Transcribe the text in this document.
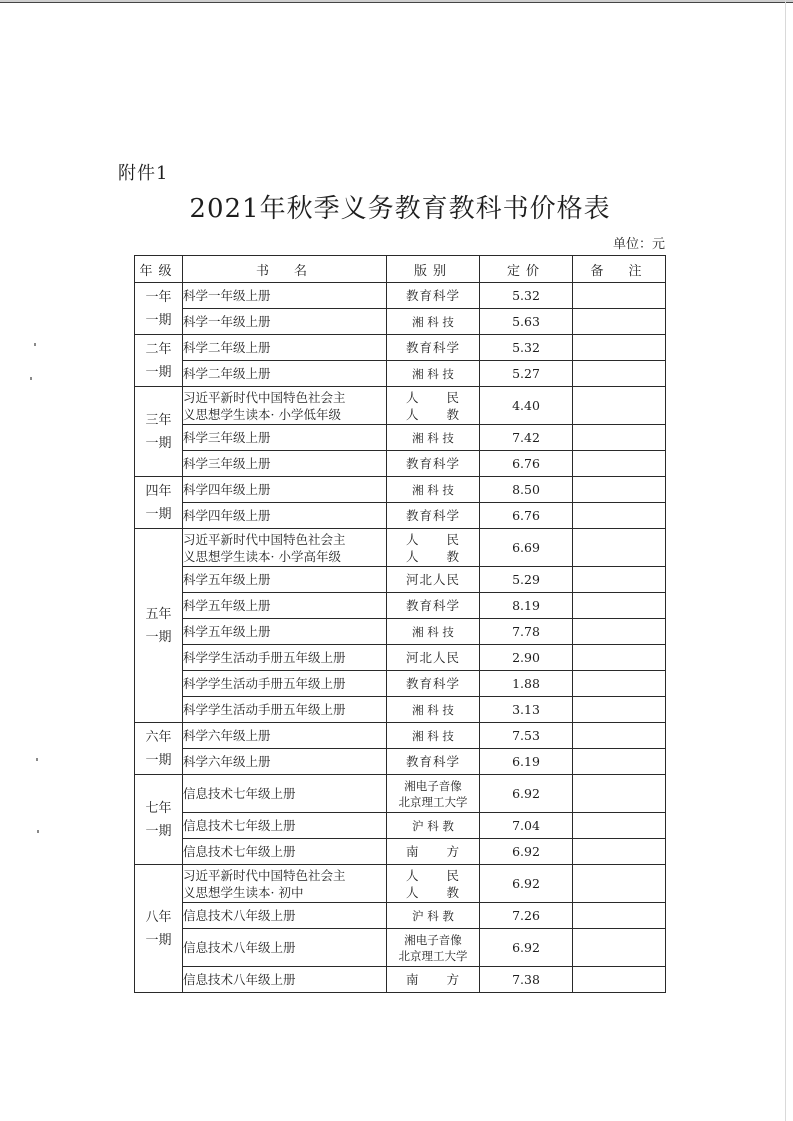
附件1
2021年秋季义务教育教科书价格表
单位：元
年级	书　名	版别	定价	备　注

一年
一期	科学一年级上册	教育科学	5.32	

	科学一年级上册	湘 科 技	5.63	

二年
一期	科学二年级上册	教育科学	5.32	

	科学二年级上册	湘 科 技	5.27	

三年
一期	习近平新时代中国特色社会主
义思想学生读本· 小学低年级	人　　民
人　　教	4.40	

	科学三年级上册	湘 科 技	7.42	

	科学三年级上册	教育科学	6.76	

四年
一期	科学四年级上册	湘 科 技	8.50	

	科学四年级上册	教育科学	6.76	

五年
一期	习近平新时代中国特色社会主
义思想学生读本· 小学高年级	人　　民
人　　教	6.69	

	科学五年级上册	河北人民	5.29	

	科学五年级上册	教育科学	8.19	

	科学五年级上册	湘 科 技	7.78	

	科学学生活动手册五年级上册	河北人民	2.90	

	科学学生活动手册五年级上册	教育科学	1.88	

	科学学生活动手册五年级上册	湘 科 技	3.13	

六年
一期	科学六年级上册	湘 科 技	7.53	

	科学六年级上册	教育科学	6.19	

七年
一期	信息技术七年级上册	湘电子音像
北京理工大学	6.92	

	信息技术七年级上册	沪 科 教	7.04	

	信息技术七年级上册	南　　方	6.92	

八年
一期	习近平新时代中国特色社会主
义思想学生读本· 初中	人　　民
人　　教	6.92	

	信息技术八年级上册	沪 科 教	7.26	

	信息技术八年级上册	湘电子音像
北京理工大学	6.92	

	信息技术八年级上册	南　　方	7.38	
